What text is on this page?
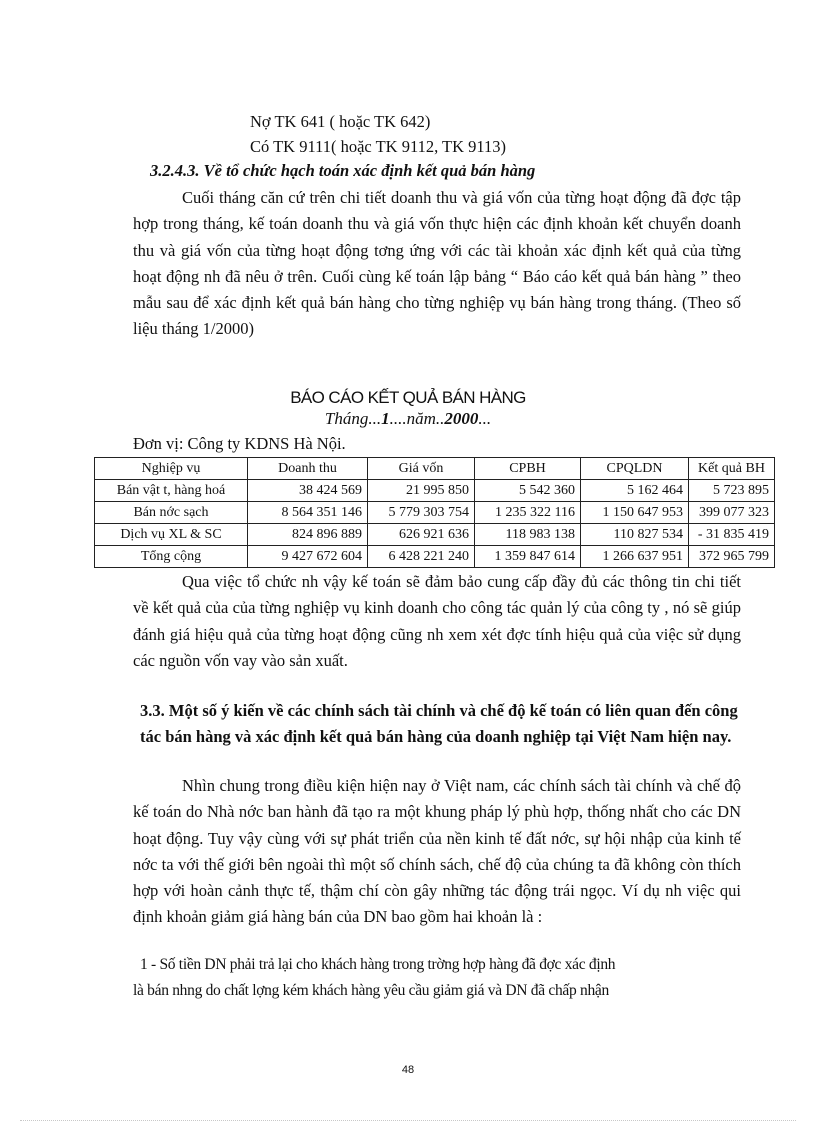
Nợ TK 641 ( hoặc TK 642)
Có TK 9111( hoặc TK 9112, TK 9113)
3.2.4.3. Về tổ chức hạch toán xác định kết quả bán hàng
Cuối tháng căn cứ trên chi tiết doanh thu và giá vốn của từng hoạt động đã đợc tập hợp trong tháng, kế toán doanh thu và giá vốn thực hiện các định khoản kết chuyển doanh thu và giá vốn của từng hoạt động tơng ứng với các tài khoản xác định kết quả của từng hoạt động nh đã nêu ở trên. Cuối cùng kế toán lập bảng “ Báo cáo kết quả bán hàng ” theo mẫu sau để xác định kết quả bán hàng cho từng nghiệp vụ bán hàng trong tháng. (Theo số liệu tháng 1/2000)
BÁO CÁO KẾT QUẢ BÁN HÀNG
Tháng...1....năm..2000...
Đơn vị: Công ty KDNS Hà Nội.
Nghiệp vụ	Doanh thu	Giá vốn	CPBH	CPQLDN	Kết quả BH
Bán vật t, hàng hoá	38 424 569	21 995 850	5 542 360	5 162 464	5 723 895
Bán nớc sạch	8 564 351 146	5 779 303 754	1 235 322 116	1 150 647 953	399 077 323
Dịch vụ XL & SC	824 896 889	626 921 636	118 983 138	110 827 534	- 31 835 419
Tổng cộng	9 427 672 604	6 428 221 240	1 359 847 614	1 266 637 951	372 965 799
Qua việc tổ chức nh vậy kế toán sẽ đảm bảo cung cấp đầy đủ các thông tin chi tiết về kết quả của của từng nghiệp vụ kinh doanh cho công tác quản lý của công ty , nó sẽ giúp đánh giá hiệu quả của từng hoạt động cũng nh xem xét đợc tính hiệu quả của việc sử dụng các nguồn vốn vay vào sản xuất.
3.3. Một số ý kiến về các chính sách tài chính và chế độ kế toán có liên quan đến công tác bán hàng và xác định kết quả bán hàng của doanh nghiệp tại Việt Nam hiện nay.
Nhìn chung trong điều kiện hiện nay ở Việt nam, các chính sách tài chính và chế độ kế toán do Nhà nớc ban hành đã tạo ra một khung pháp lý phù hợp, thống nhất cho các DN hoạt động. Tuy vậy cùng với sự phát triển của nền kinh tế đất nớc, sự hội nhập của kinh tế nớc ta với thế giới bên ngoài thì một số chính sách, chế độ của chúng ta đã không còn thích hợp với hoàn cảnh thực tế, thậm chí còn gây những tác động trái ngọc. Ví dụ nh việc qui định khoản giảm giá hàng bán của DN bao gồm hai khoản là :
1 - Số tiền DN phải trả lại cho khách hàng trong trờng hợp hàng đã đợc xác định
là bán nhng do chất lợng kém khách hàng yêu cầu giảm giá và DN đã chấp nhận
48
